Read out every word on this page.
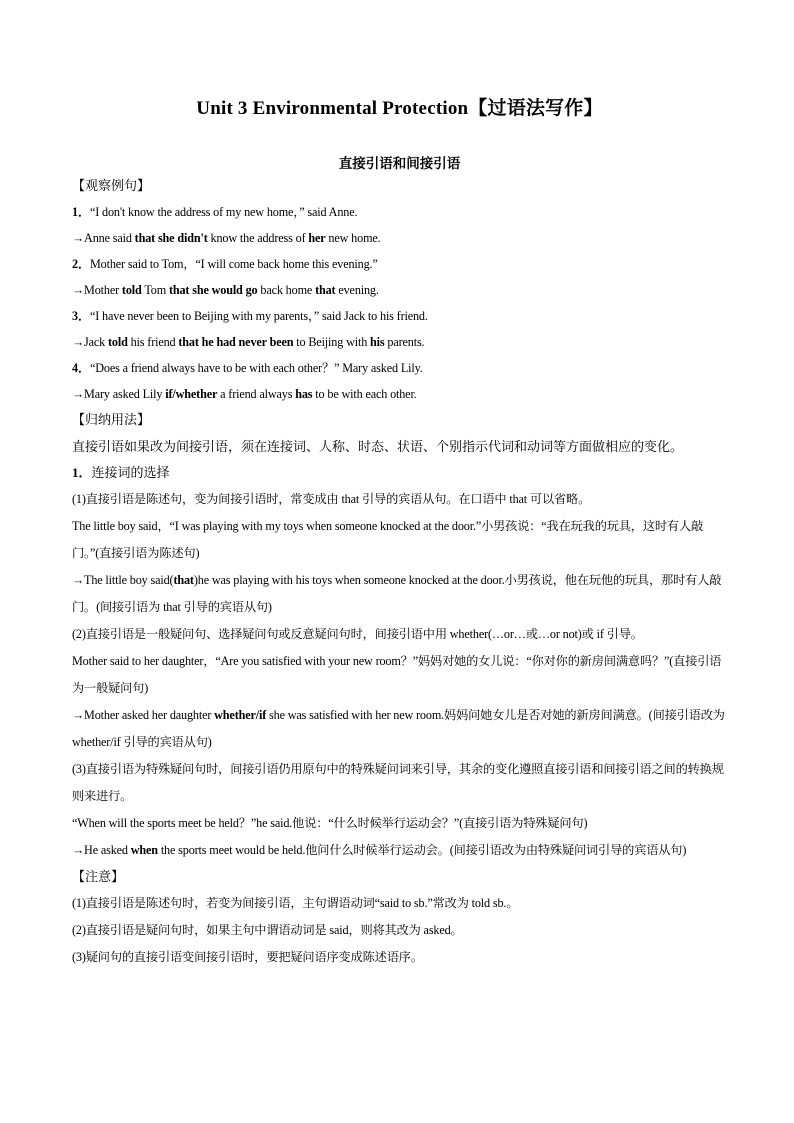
Unit 3 Environmental Protection【过语法写作】
直接引语和间接引语
【观察例句】
1．“I don't know the address of my new home，” said Anne.
→Anne said that she didn't know the address of her new home.
2．Mother said to Tom，“I will come back home this evening.”
→Mother told Tom that she would go back home that evening.
3．“I have never been to Beijing with my parents，” said Jack to his friend.
→Jack told his friend that he had never been to Beijing with his parents.
4．“Does a friend always have to be with each other？” Mary asked Lily.
→Mary asked Lily if/whether a friend always has to be with each other.
【归纳用法】
直接引语如果改为间接引语，须在连接词、人称、时态、状语、个别指示代词和动词等方面做相应的变化。
1．连接词的选择
(1)直接引语是陈述句，变为间接引语时，常变成由 that 引导的宾语从句。在口语中 that 可以省略。
The little boy said，“I was playing with my toys when someone knocked at the door.”小男孩说：“我在玩我的玩具，这时有人敲门。”(直接引语为陈述句)
→The little boy said(that)he was playing with his toys when someone knocked at the door.小男孩说，他在玩他的玩具，那时有人敲门。(间接引语为 that 引导的宾语从句)
(2)直接引语是一般疑问句、选择疑问句或反意疑问句时，间接引语中用 whether(…or…或…or not)或 if 引导。
Mother said to her daughter，“Are you satisfied with your new room？”妈妈对她的女儿说：“你对你的新房间满意吗？”(直接引语为一般疑问句)
→Mother asked her daughter whether/if she was satisfied with her new room.妈妈问她女儿是否对她的新房间满意。(间接引语改为 whether/if 引导的宾语从句)
(3)直接引语为特殊疑问句时，间接引语仍用原句中的特殊疑问词来引导，其余的变化遵照直接引语和间接引语之间的转换规则来进行。
“When will the sports meet be held？”he said.他说：“什么时候举行运动会？”(直接引语为特殊疑问句)
→He asked when the sports meet would be held.他问什么时候举行运动会。(间接引语改为由特殊疑问词引导的宾语从句)
【注意】
(1)直接引语是陈述句时，若变为间接引语，主句谓语动词“said to sb.”常改为 told sb.。
(2)直接引语是疑问句时，如果主句中谓语动词是 said，则将其改为 asked。
(3)疑问句的直接引语变间接引语时，要把疑问语序变成陈述语序。
